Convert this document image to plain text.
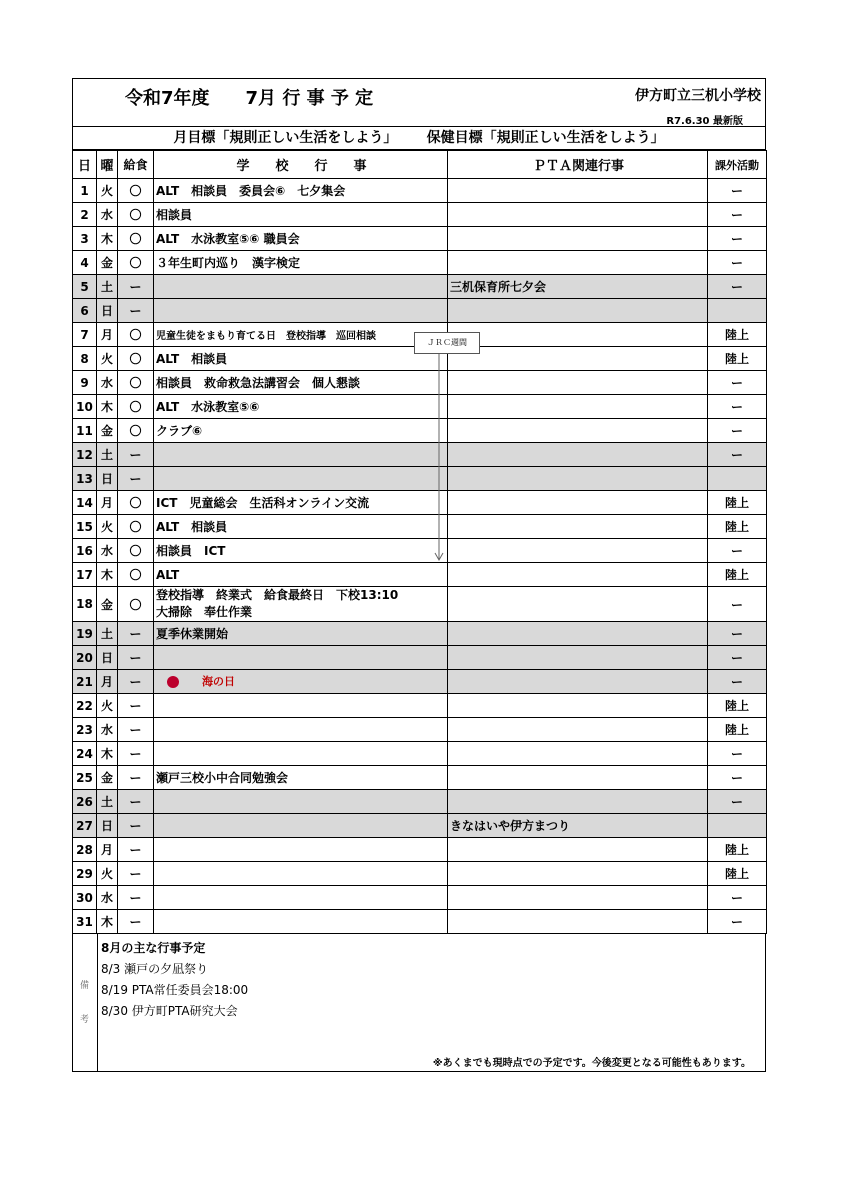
令和7年度　　7月 行 事 予 定	伊方町立三机小学校
R7.6.30 最新版
月目標「規則正しい生活をしよう」 保健目標「規則正しい生活をしよう」
日	曜	給食	学　　校　　行　　事	ＰＴＡ関連行事	課外活動
1	火	〇	ALT　相談員　委員会⑥　七夕集会		ー
2	水	〇	相談員		ー
3	木	〇	ALT　水泳教室⑤⑥ 職員会		ー
4	金	〇	３年生町内巡り　漢字検定		ー
5	土	ー		三机保育所七夕会	ー
6	日	ー			
7	月	〇	児童生徒をまもり育てる日　登校指導　巡回相談		陸上
8	火	〇	ALT　相談員		陸上
9	水	〇	相談員　救命救急法講習会　個人懇談		ー
10	木	〇	ALT　水泳教室⑤⑥		ー
11	金	〇	クラブ⑥		ー
12	土	ー			ー
13	日	ー			
14	月	〇	ICT　児童総会　生活科オンライン交流		陸上
15	火	〇	ALT　相談員		陸上
16	水	〇	相談員　ICT		ー
17	木	〇	ALT		陸上
18	金	〇	登校指導　終業式　給食最終日　下校13:10
大掃除　奉仕作業		ー
19	土	ー	夏季休業開始		ー
20	日	ー			ー
21	月	ー	海の日		ー
22	火	ー			陸上
23	水	ー			陸上
24	木	ー			ー
25	金	ー	瀬戸三校小中合同勉強会		ー
26	土	ー			ー
27	日	ー		きなはいや伊方まつり	
28	月	ー			陸上
29	火	ー			陸上
30	水	ー			ー
31	木	ー			ー
備
考
8月の主な行事予定
8/3 瀬戸の夕凪祭り
8/19 PTA常任委員会18:00
8/30 伊方町PTA研究大会
※あくまでも現時点での予定です。今後変更となる可能性もあります。
ＪＲＣ週間
